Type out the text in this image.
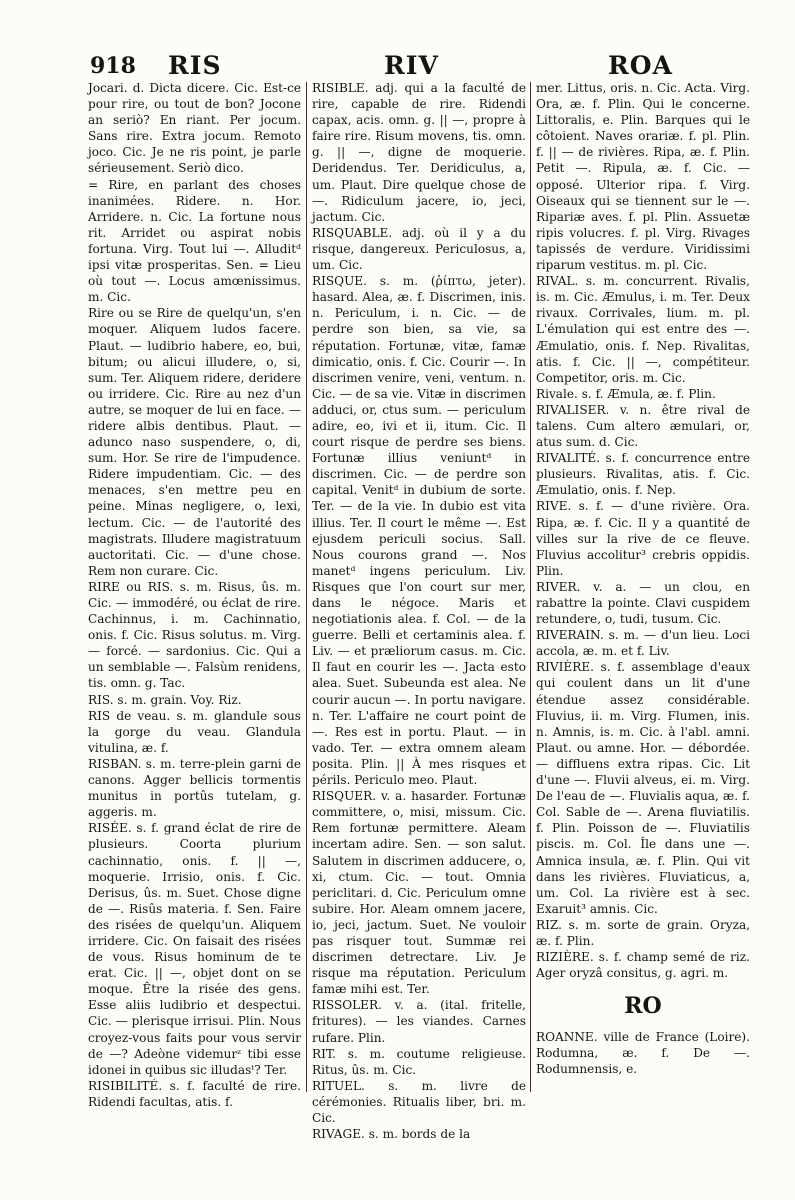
918 RIS	RIV	ROA

Jocari. d. Dicta dicere. Cic. Est-ce pour rire, ou tout de bon? Jocone an seriò? En riant. Per jocum. Sans rire. Extra jocum. Remoto joco. Cic. Je ne ris point, je parle sérieusement. Seriò dico.

= Rire, en parlant des choses inanimées. Ridere. n. Hor. Arridere. n. Cic. La fortune nous rit. Arridet ou aspirat nobis fortuna. Virg. Tout lui —. Alluditᵈ ipsi vitæ prosperitas. Sen. = Lieu où tout —. Locus amœnissimus. m. Cic.

Rire ou se Rire de quelqu'un, s'en moquer. Aliquem ludos facere. Plaut. — ludibrio habere, eo, bui, bitum; ou alicui illudere, o, si, sum. Ter. Aliquem ridere, deridere ou irridere. Cic. Rire au nez d'un autre, se moquer de lui en face. — ridere albis dentibus. Plaut. — adunco naso suspendere, o, di, sum. Hor. Se rire de l'impudence. Ridere impudentiam. Cic. — des menaces, s'en mettre peu en peine. Minas negligere, o, lexi, lectum. Cic. — de l'autorité des magistrats. Illudere magistratuum auctoritati. Cic. — d'une chose. Rem non curare. Cic.

RIRE ou RIS. s. m. Risus, ûs. m. Cic. — immodéré, ou éclat de rire. Cachinnus, i. m. Cachinnatio, onis. f. Cic. Risus solutus. m. Virg. — forcé. — sardonius. Cic. Qui a un semblable —. Falsùm renidens, tis. omn. g. Tac.

RIS. s. m. grain. Voy. Riz.

RIS de veau. s. m. glandule sous la gorge du veau. Glandula vitulina, æ. f.

RISBAN. s. m. terre-plein garni de canons. Agger bellicis tormentis munitus in portûs tutelam, g. aggeris. m.

RISÉE. s. f. grand éclat de rire de plusieurs. Coorta plurium cachinnatio, onis. f. || —, moquerie. Irrisio, onis. f. Cic. Derisus, ûs. m. Suet. Chose digne de —. Risûs materia. f. Sen. Faire des risées de quelqu'un. Aliquem irridere. Cic. On faisait des risées de vous. Risus hominum de te erat. Cic. || —, objet dont on se moque. Être la risée des gens. Esse aliis ludibrio et despectui. Cic. — plerisque irrisui. Plin. Nous croyez-vous faits pour vous servir de —? Adeòne videmurᶻ tibi esse idonei in quibus sic illudasᵗ? Ter.

RISIBILITÉ. s. f. faculté de rire. Ridendi facultas, atis. f.

RISIBLE. adj. qui a la faculté de rire, capable de rire. Ridendi capax, acis. omn. g. || —, propre à faire rire. Risum movens, tis. omn. g. || —, digne de moquerie. Deridendus. Ter. Deridiculus, a, um. Plaut. Dire quelque chose de —. Ridiculum jacere, io, jeci, jactum. Cic.

RISQUABLE. adj. où il y a du risque, dangereux. Periculosus, a, um. Cic.

RISQUE. s. m. (ῥίπτω, jeter). hasard. Alea, æ. f. Discrimen, inis. n. Periculum, i. n. Cic. — de perdre son bien, sa vie, sa réputation. Fortunæ, vitæ, famæ dimicatio, onis. f. Cic. Courir —. In discrimen venire, veni, ventum. n. Cic. — de sa vie. Vitæ in discrimen adduci, or, ctus sum. — periculum adire, eo, ivi et ii, itum. Cic. Il court risque de perdre ses biens. Fortunæ illius veniuntᵈ in discrimen. Cic. — de perdre son capital. Venitᵈ in dubium de sorte. Ter. — de la vie. In dubio est vita illius. Ter. Il court le même —. Est ejusdem periculi socius. Sall. Nous courons grand —. Nos manetᵈ ingens periculum. Liv. Risques que l'on court sur mer, dans le négoce. Maris et negotiationis alea. f. Col. — de la guerre. Belli et certaminis alea. f. Liv. — et præliorum casus. m. Cic. Il faut en courir les —. Jacta esto alea. Suet. Subeunda est alea. Ne courir aucun —. In portu navigare. n. Ter. L'affaire ne court point de —. Res est in portu. Plaut. — in vado. Ter. — extra omnem aleam posita. Plin. || À mes risques et périls. Periculo meo. Plaut.

RISQUER. v. a. hasarder. Fortunæ committere, o, misi, missum. Cic. Rem fortunæ permittere. Aleam incertam adire. Sen. — son salut. Salutem in discrimen adducere, o, xi, ctum. Cic. — tout. Omnia periclitari. d. Cic. Periculum omne subire. Hor. Aleam omnem jacere, io, jeci, jactum. Suet. Ne vouloir pas risquer tout. Summæ rei discrimen detrectare. Liv. Je risque ma réputation. Periculum famæ mihi est. Ter.

RISSOLER. v. a. (ital. fritelle, fritures). — les viandes. Carnes rufare. Plin.

RIT. s. m. coutume religieuse. Ritus, ûs. m. Cic.

RITUEL. s. m. livre de cérémonies. Ritualis liber, bri. m. Cic.

RIVAGE. s. m. bords de la

mer. Littus, oris. n. Cic. Acta. Virg. Ora, æ. f. Plin. Qui le concerne. Littoralis, e. Plin. Barques qui le côtoient. Naves orariæ. f. pl. Plin. f. || — de rivières. Ripa, æ. f. Plin. Petit —. Ripula, æ. f. Cic. — opposé. Ulterior ripa. f. Virg. Oiseaux qui se tiennent sur le —. Ripariæ aves. f. pl. Plin. Assuetæ ripis volucres. f. pl. Virg. Rivages tapissés de verdure. Viridissimi riparum vestitus. m. pl. Cic.

RIVAL. s. m. concurrent. Rivalis, is. m. Cic. Æmulus, i. m. Ter. Deux rivaux. Corrivales, lium. m. pl. L'émulation qui est entre des —. Æmulatio, onis. f. Nep. Rivalitas, atis. f. Cic. || —, compétiteur. Competitor, oris. m. Cic.

Rivale. s. f. Æmula, æ. f. Plin.

RIVALISER. v. n. être rival de talens. Cum altero æmulari, or, atus sum. d. Cic.

RIVALITÉ. s. f. concurrence entre plusieurs. Rivalitas, atis. f. Cic. Æmulatio, onis. f. Nep.

RIVE. s. f. — d'une rivière. Ora. Ripa, æ. f. Cic. Il y a quantité de villes sur la rive de ce fleuve. Fluvius accolitur³ crebris oppidis. Plin.

RIVER. v. a. — un clou, en rabattre la pointe. Clavi cuspidem retundere, o, tudi, tusum. Cic.

RIVERAIN. s. m. — d'un lieu. Loci accola, æ. m. et f. Liv.

RIVIÈRE. s. f. assemblage d'eaux qui coulent dans un lit d'une étendue assez considérable. Fluvius, ii. m. Virg. Flumen, inis. n. Amnis, is. m. Cic. à l'abl. amni. Plaut. ou amne. Hor. — débordée. — diffluens extra ripas. Cic. Lit d'une —. Fluvii alveus, ei. m. Virg. De l'eau de —. Fluvialis aqua, æ. f. Col. Sable de —. Arena fluviatilis. f. Plin. Poisson de —. Fluviatilis piscis. m. Col. Île dans une —. Amnica insula, æ. f. Plin. Qui vit dans les rivières. Fluviaticus, a, um. Col. La rivière est à sec. Exaruit³ amnis. Cic.

RIZ. s. m. sorte de grain. Oryza, æ. f. Plin.

RIZIÈRE. s. f. champ semé de riz. Ager oryzâ consitus, g. agri. m.

RO

ROANNE. ville de France (Loire). Rodumna, æ. f. De —. Rodumnensis, e.
